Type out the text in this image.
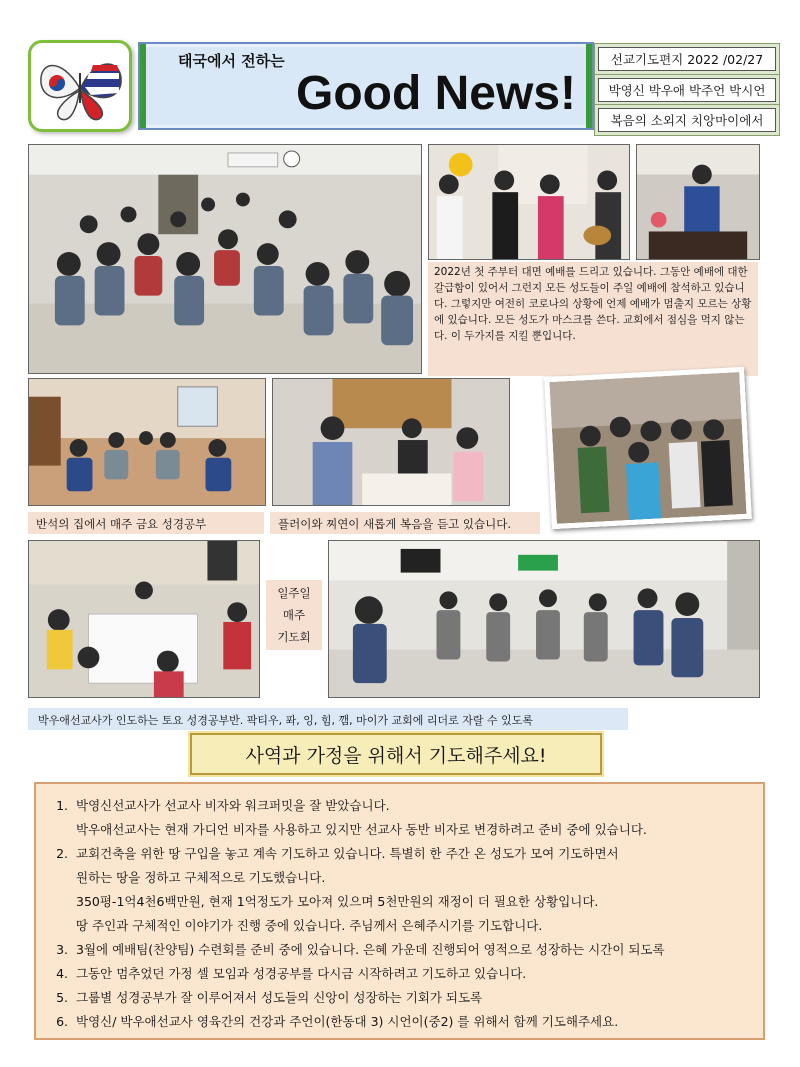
태국에서 전하는
Good News!
선교기도편지 2022 /02/27
박영신 박우애 박주언 박시언
복음의 소외지 치앙마이에서
2022년 첫 주부터 대면 예배를 드리고 있습니다. 그동안 예배에 대한 갈급함이 있어서 그런지 모든 성도들이 주일 예배에 참석하고 있습니다. 그렇지만 여전히 코로나의 상황에 언제 예배가 멈출지 모르는 상황에 있습니다. 모든 성도가 마스크를 쓴다. 교회에서 점심을 먹지 않는다. 이 두가지를 지킬 뿐입니다.
반석의 집에서 매주 금요 성경공부	플러이와 찌연이 새롭게 복음을 듣고 있습니다.
일주일
매주
기도회
박우애선교사가 인도하는 토요 성경공부반. 팍티우, 퐈, 잉, 힘, 깸, 마이가 교회에 리더로 자랄 수 있도록
사역과 가정을 위해서 기도해주세요!
1. 박영신선교사가 선교사 비자와 워크퍼밋을 잘 받았습니다.
박우애선교사는 현재 가디언 비자를 사용하고 있지만 선교사 동반 비자로 변경하려고 준비 중에 있습니다.
2. 교회건축을 위한 땅 구입을 놓고 계속 기도하고 있습니다. 특별히 한 주간 온 성도가 모여 기도하면서
원하는 땅을 정하고 구체적으로 기도했습니다.
350평-1억4천6백만원, 현재 1억정도가 모아져 있으며 5천만원의 재정이 더 필요한 상황입니다.
땅 주인과 구체적인 이야기가 진행 중에 있습니다. 주님께서 은혜주시기를 기도합니다.
3. 3월에 예배팀(찬양팀) 수련회를 준비 중에 있습니다. 은혜 가운데 진행되어 영적으로 성장하는 시간이 되도록
4. 그동안 멈추었던 가정 셀 모임과 성경공부를 다시금 시작하려고 기도하고 있습니다.
5. 그룹별 성경공부가 잘 이루어져서 성도들의 신앙이 성장하는 기회가 되도록
6. 박영신/ 박우애선교사 영육간의 건강과 주언이(한동대 3) 시언이(중2) 를 위해서 함께 기도해주세요.
